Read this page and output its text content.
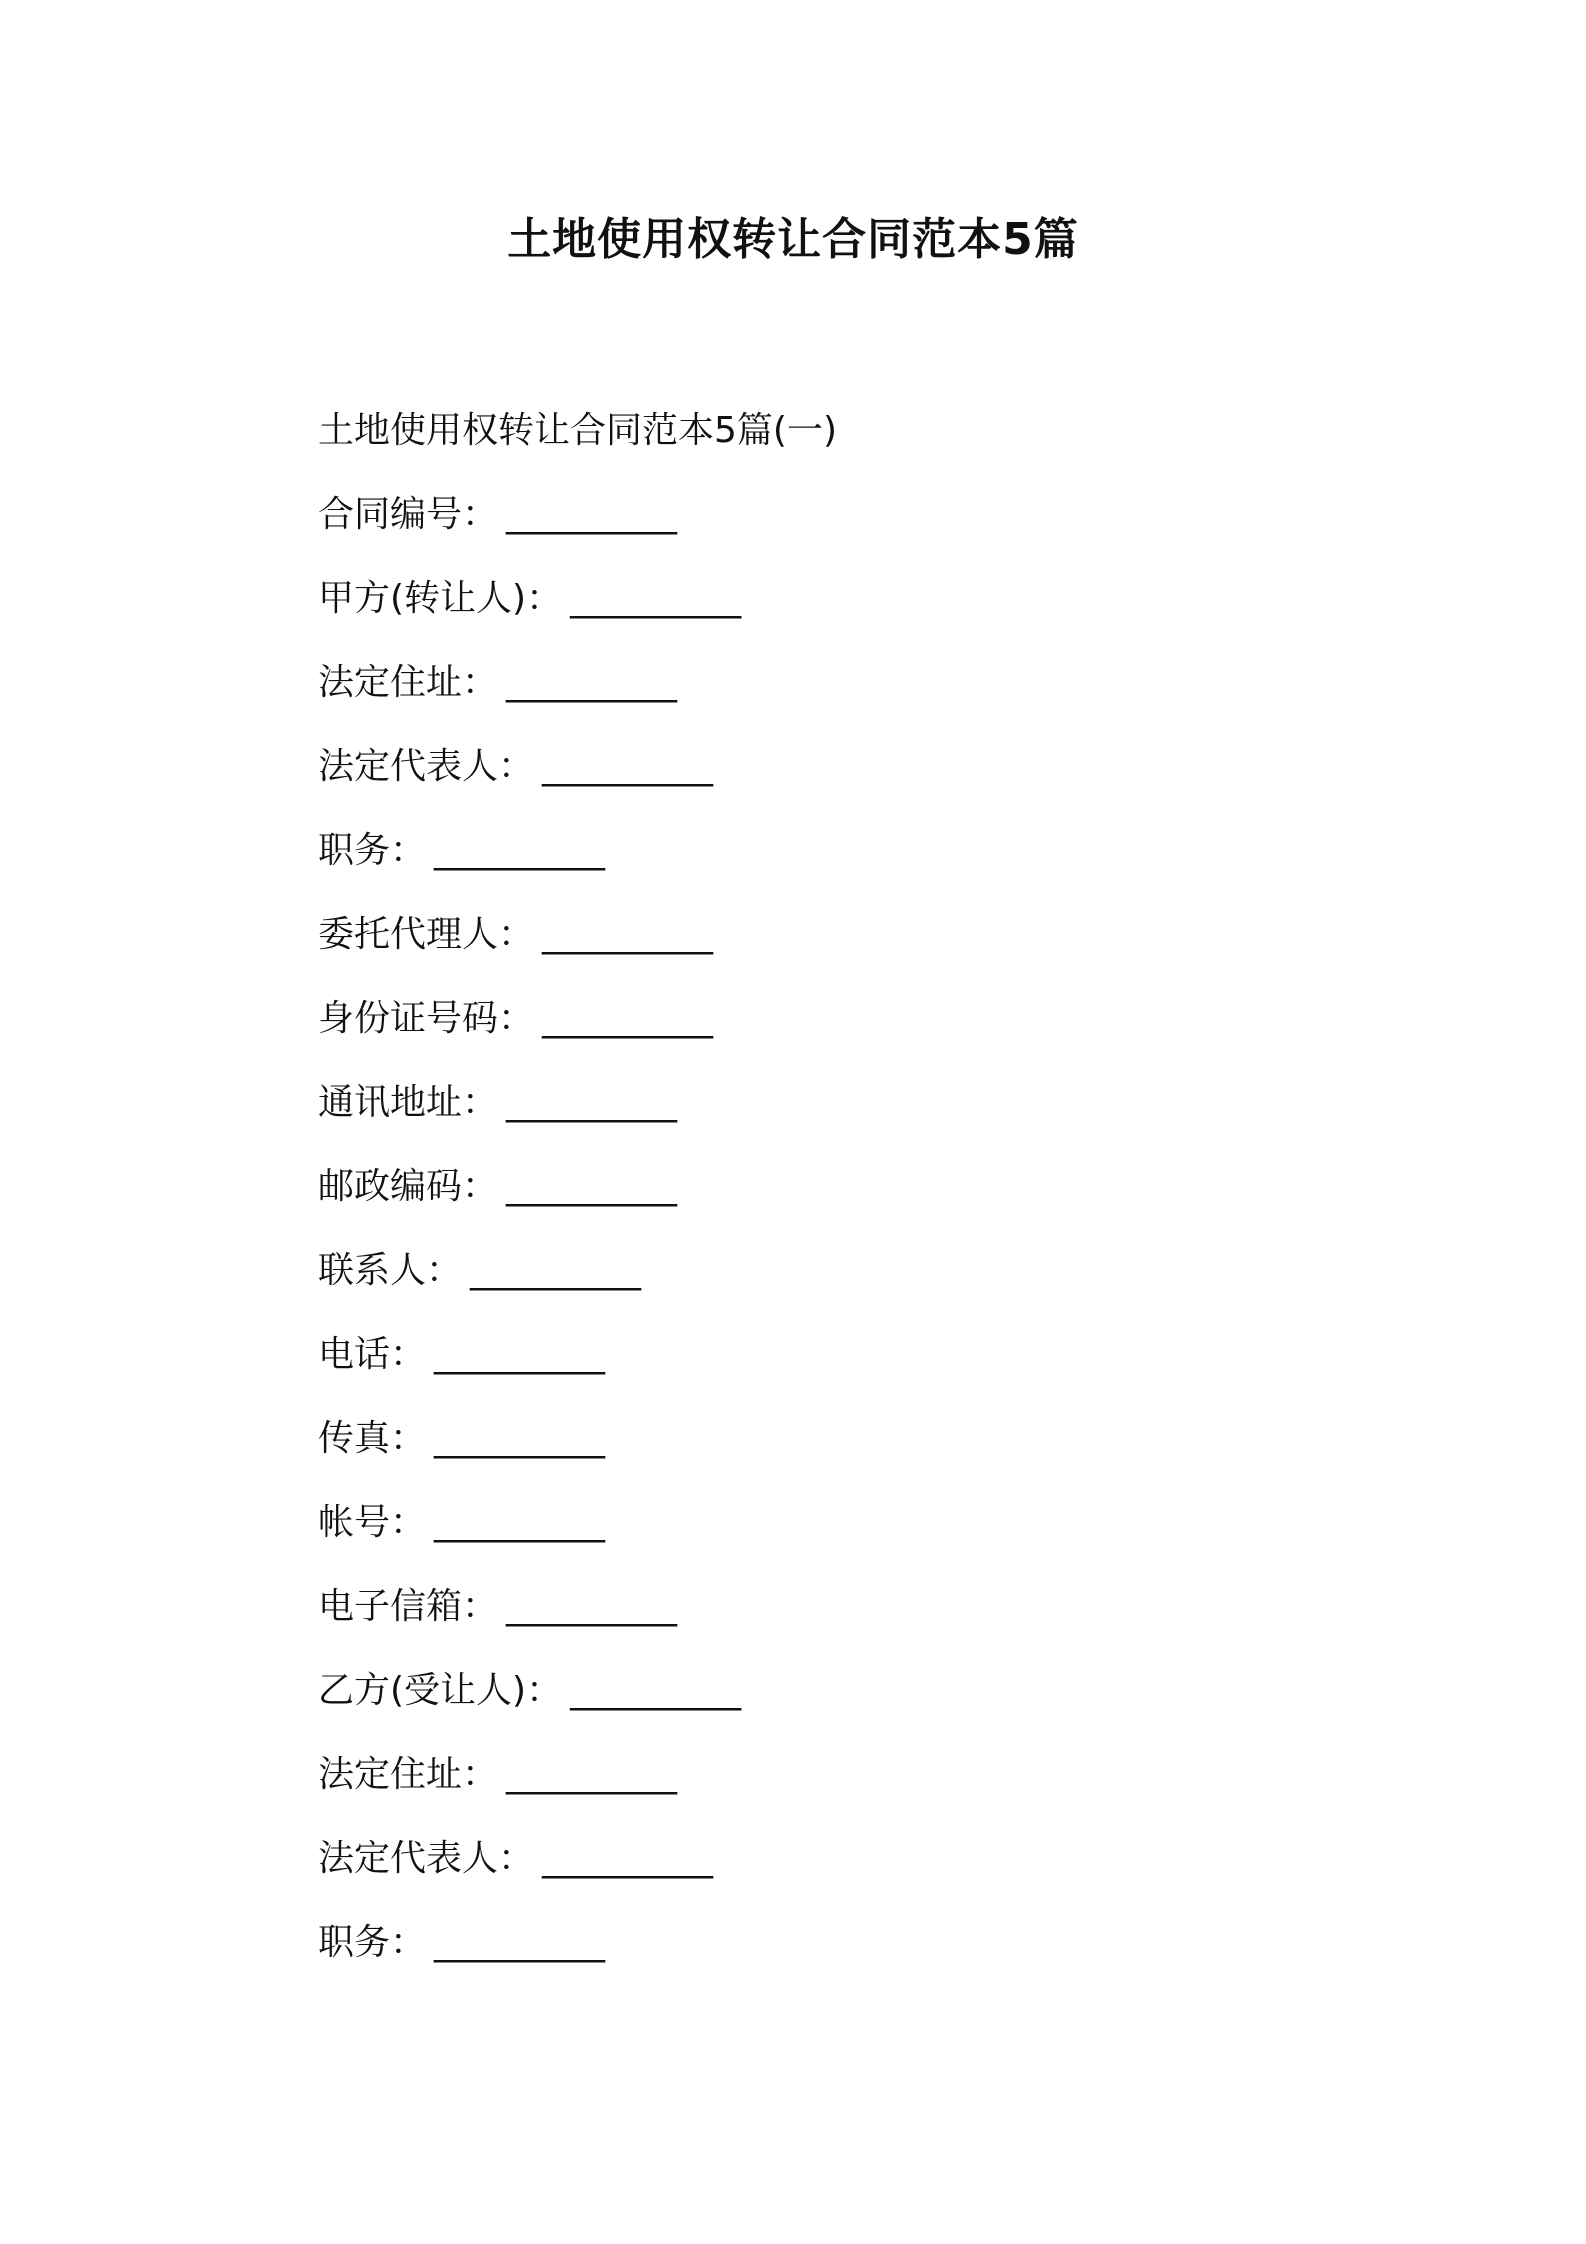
土地使用权转让合同范本5篇

土地使用权转让合同范本5篇(一)

合同编号： __________
甲方(转让人)： __________
法定住址： __________
法定代表人： __________
职务： __________
委托代理人： __________
身份证号码： __________
通讯地址： __________
邮政编码： __________
联系人： __________
电话： __________
传真： __________
帐号： __________
电子信箱： __________
乙方(受让人)： __________
法定住址： __________
法定代表人： __________
职务： __________
